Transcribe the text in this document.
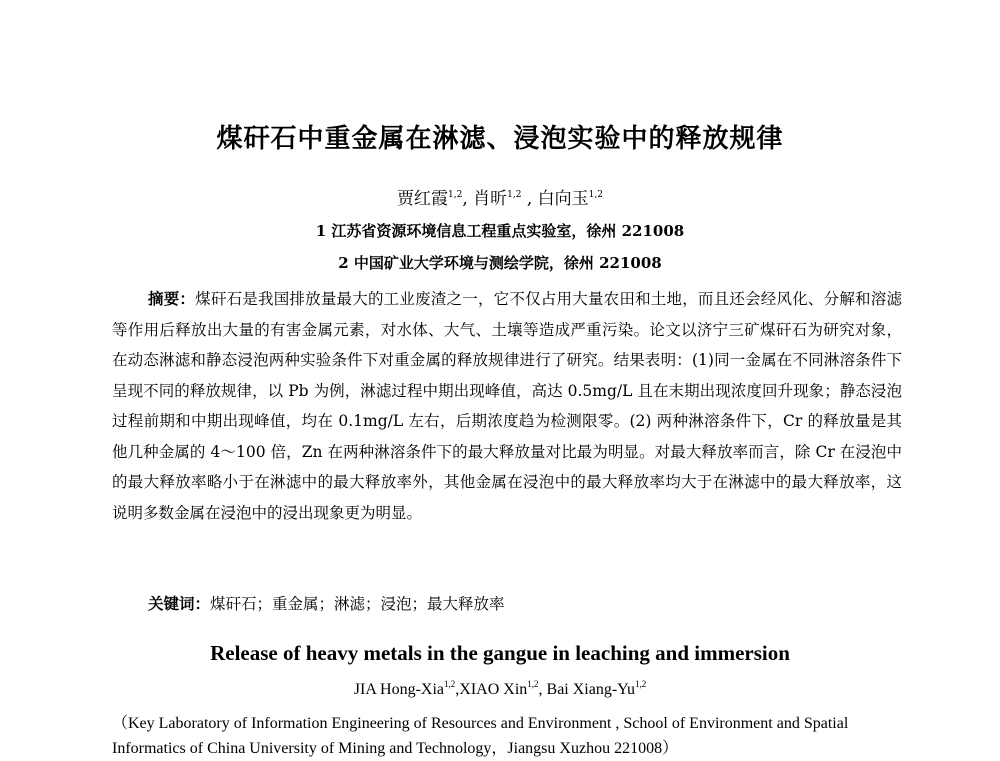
煤矸石中重金属在淋滤、浸泡实验中的释放规律
贾红霞$^{1,2}$, 肖昕$^{1,2}$ , 白向玉$^{1,2}$
1 江苏省资源环境信息工程重点实验室，徐州 221008
2 中国矿业大学环境与测绘学院，徐州 221008
摘要：煤矸石是我国排放量最大的工业废渣之一，它不仅占用大量农田和土地，而且还会经风化、分解和溶滤等作用后释放出大量的有害金属元素，对水体、大气、土壤等造成严重污染。论文以济宁三矿煤矸石为研究对象，在动态淋滤和静态浸泡两种实验条件下对重金属的释放规律进行了研究。结果表明：(1)同一金属在不同淋溶条件下呈现不同的释放规律，以 Pb 为例，淋滤过程中期出现峰值，高达 0.5mg/L 且在末期出现浓度回升现象；静态浸泡过程前期和中期出现峰值，均在 0.1mg/L 左右，后期浓度趋为检测限零。(2) 两种淋溶条件下，Cr 的释放量是其他几种金属的 4～100 倍，Zn 在两种淋溶条件下的最大释放量对比最为明显。对最大释放率而言，除 Cr 在浸泡中的最大释放率略小于在淋滤中的最大释放率外，其他金属在浸泡中的最大释放率均大于在淋滤中的最大释放率，这说明多数金属在浸泡中的浸出现象更为明显。
关键词：煤矸石；重金属；淋滤；浸泡；最大释放率
Release of heavy metals in the gangue in leaching and immersion
JIA Hong-Xia$^{1,2}$,XIAO Xin$^{1,2}$, Bai Xiang-Yu$^{1,2}$
（Key Laboratory of Information Engineering of Resources and Environment , School of Environment and Spatial Informatics of China University of Mining and Technology，Jiangsu Xuzhou 221008）
